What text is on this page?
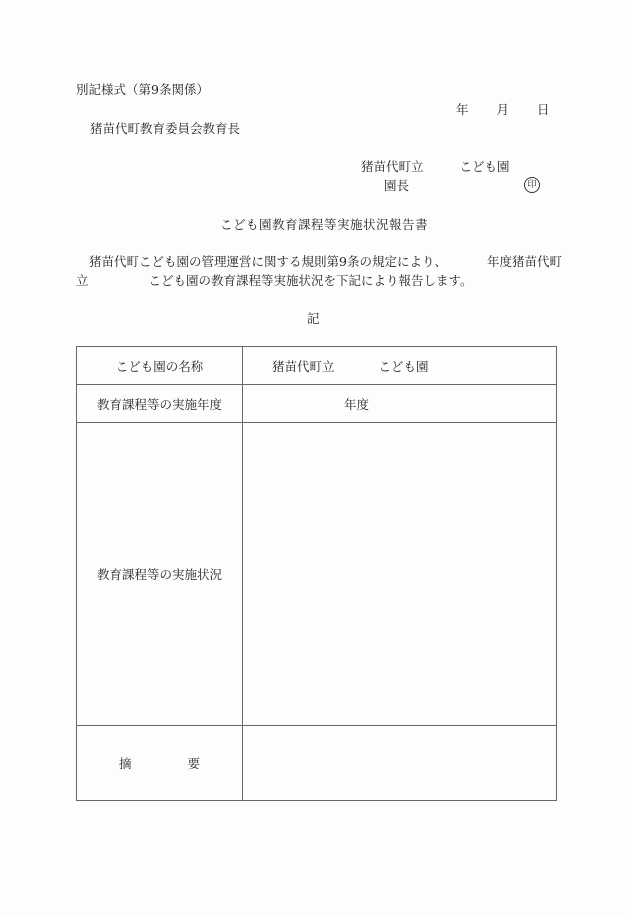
別記様式（第9条関係）
年 月 日
猪苗代町教育委員会教育長
猪苗代町立	こども園
園長	印
こども園教育課程等実施状況報告書
猪苗代町こども園の管理運営に関する規則第9条の規定により、	年度猪苗代町
立	こども園の教育課程等実施状況を下記により報告します。
記
こども園の名称	猪苗代町立 こども園
教育課程等の実施年度	年度
教育課程等の実施状況	
摘 要	
